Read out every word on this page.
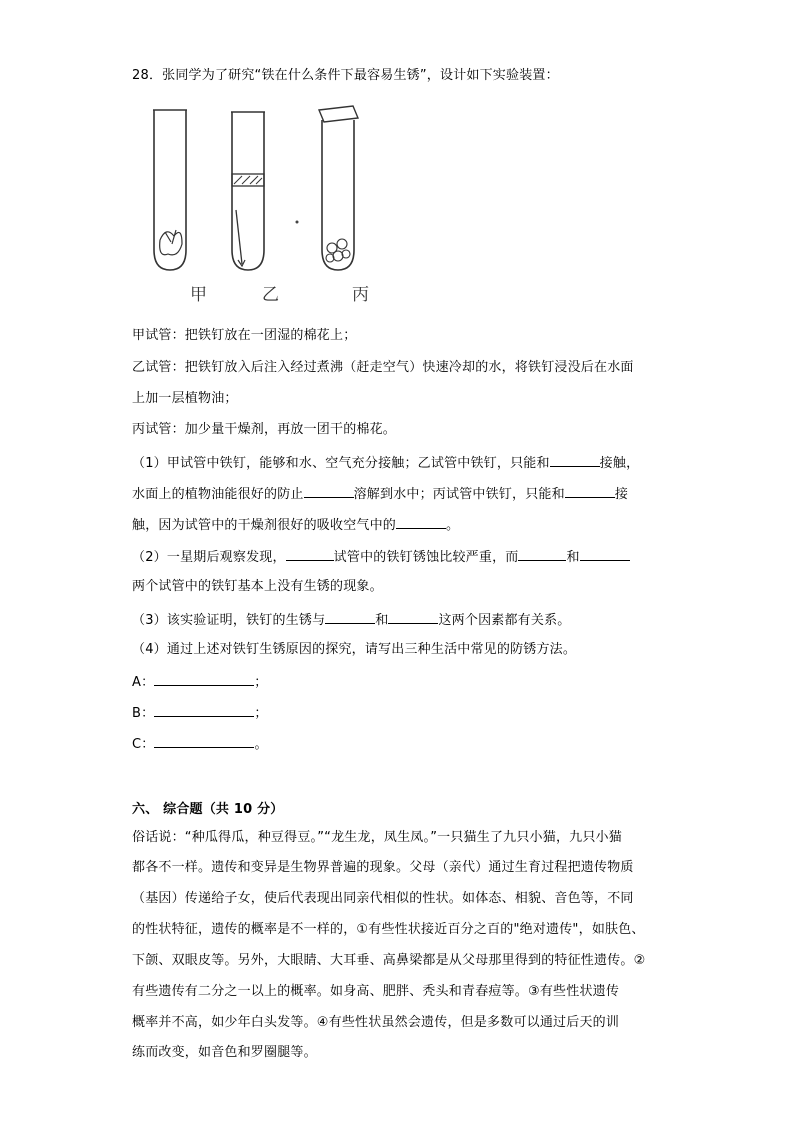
28．张同学为了研究“铁在什么条件下最容易生锈”，设计如下实验装置：
甲	乙	丙
甲试管：把铁钉放在一团湿的棉花上；
乙试管：把铁钉放入后注入经过煮沸（赶走空气）快速冷却的水，将铁钉浸没后在水面
上加一层植物油；
丙试管：加少量干燥剂，再放一团干的棉花。
（1）甲试管中铁钉，能够和水、空气充分接触；乙试管中铁钉，只能和	接触，
水面上的植物油能很好的防止	溶解到水中；丙试管中铁钉，只能和	接
触，因为试管中的干燥剂很好的吸收空气中的	。
（2）一星期后观察发现，	试管中的铁钉锈蚀比较严重，而	和
两个试管中的铁钉基本上没有生锈的现象。
（3）该实验证明，铁钉的生锈与	和	这两个因素都有关系。
（4）通过上述对铁钉生锈原因的探究，请写出三种生活中常见的防锈方法。
A：	；
B：	；
C：	。
六、 综合题（共 10 分）
俗话说：“种瓜得瓜，种豆得豆。”“龙生龙，凤生凤。”一只猫生了九只小猫，九只小猫
都各不一样。遗传和变异是生物界普遍的现象。父母（亲代）通过生育过程把遗传物质
（基因）传递给子女，使后代表现出同亲代相似的性状。如体态、相貌、音色等，不同
的性状特征，遗传的概率是不一样的，①有些性状接近百分之百的"绝对遗传"，如肤色、
下颌、双眼皮等。另外，大眼睛、大耳垂、高鼻梁都是从父母那里得到的特征性遗传。②
有些遗传有二分之一以上的概率。如身高、肥胖、秃头和青春痘等。③有些性状遗传
概率并不高，如少年白头发等。④有些性状虽然会遗传，但是多数可以通过后天的训
练而改变，如音色和罗圈腿等。
